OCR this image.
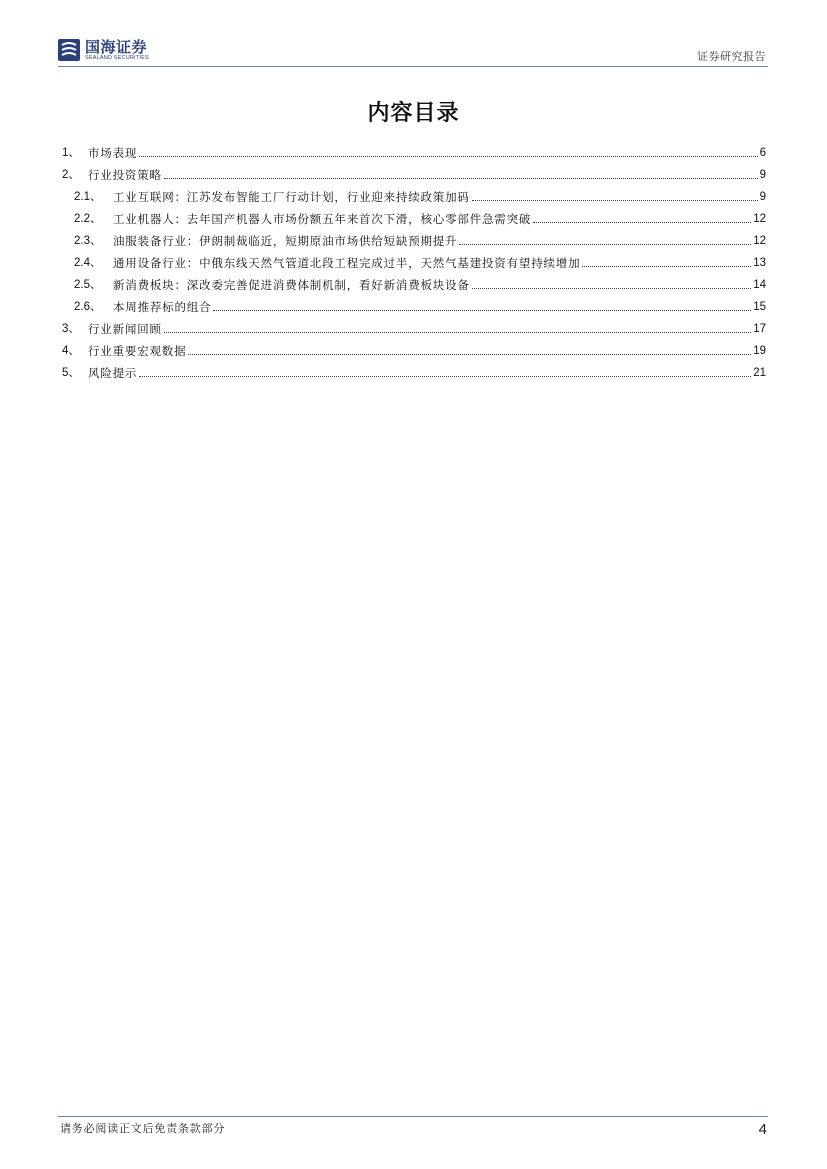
国海证券
SEALAND SECURITIES	证券研究报告
内容目录
1、 市场表现	6
2、 行业投资策略	9
2.1、	工业互联网：江苏发布智能工厂行动计划，行业迎来持续政策加码	9
2.2、	工业机器人：去年国产机器人市场份额五年来首次下滑，核心零部件急需突破	12
2.3、	油服装备行业：伊朗制裁临近，短期原油市场供给短缺预期提升	12
2.4、	通用设备行业：中俄东线天然气管道北段工程完成过半，天然气基建投资有望持续增加	13
2.5、	新消费板块：深改委完善促进消费体制机制，看好新消费板块设备	14
2.6、	本周推荐标的组合	15
3、 行业新闻回顾	17
4、 行业重要宏观数据	19
5、 风险提示	21
请务必阅读正文后免责条款部分	4
